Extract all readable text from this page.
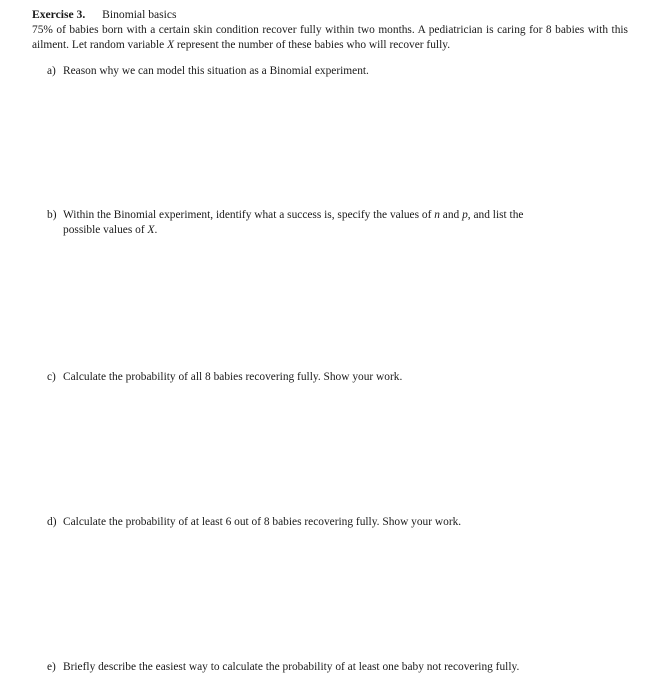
Exercise 3. Binomial basics
75% of babies born with a certain skin condition recover fully within two months. A pediatrician is caring for 8 babies with this ailment. Let random variable X represent the number of these babies who will recover fully.
a) Reason why we can model this situation as a Binomial experiment.
b) Within the Binomial experiment, identify what a success is, specify the values of n and p, and list the
possible values of X.
c) Calculate the probability of all 8 babies recovering fully. Show your work.
d) Calculate the probability of at least 6 out of 8 babies recovering fully. Show your work.
e) Briefly describe the easiest way to calculate the probability of at least one baby not recovering fully.
